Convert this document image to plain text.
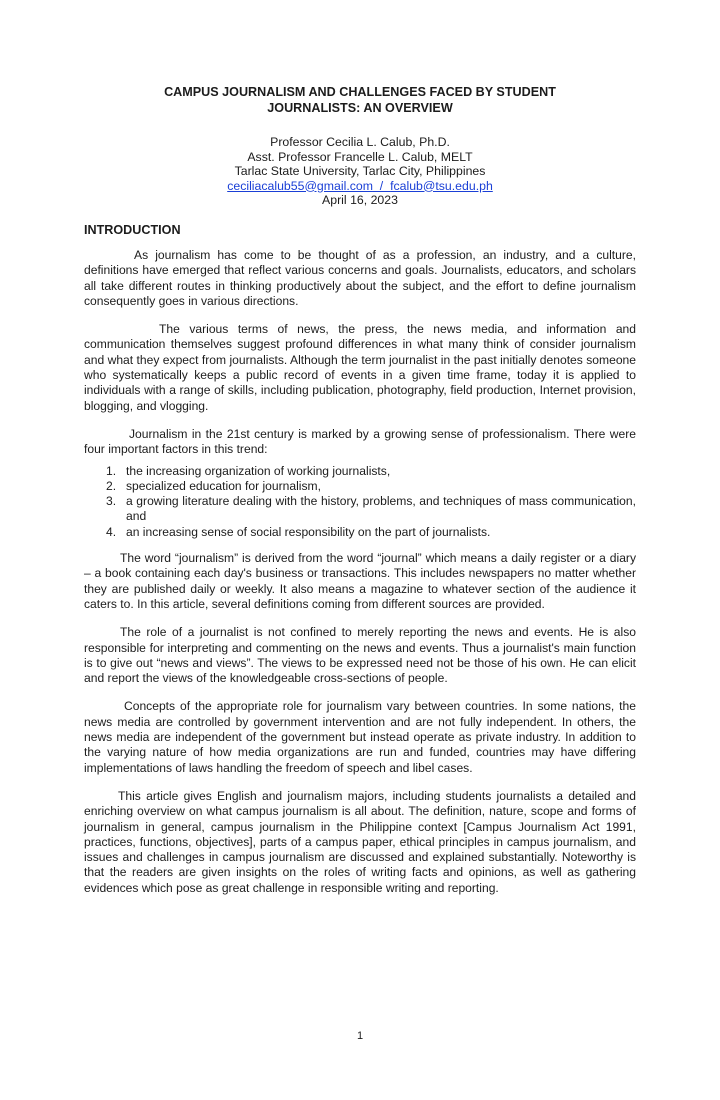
CAMPUS JOURNALISM AND CHALLENGES FACED BY STUDENT
JOURNALISTS: AN OVERVIEW
Professor Cecilia L. Calub, Ph.D.
Asst. Professor Francelle L. Calub, MELT
Tarlac State University, Tarlac City, Philippines
ceciliacalub55@gmail.com  /  fcalub@tsu.edu.ph
April 16, 2023
INTRODUCTION

As journalism has come to be thought of as a profession, an industry, and a culture, definitions have emerged that reflect various concerns and goals. Journalists, educators, and scholars all take different routes in thinking productively about the subject, and the effort to define journalism consequently goes in various directions.

The various terms of news, the press, the news media, and information and communication themselves suggest profound differences in what many think of consider journalism and what they expect from journalists. Although the term journalist in the past initially denotes someone who systematically keeps a public record of events in a given time frame, today it is applied to individuals with a range of skills, including publication, photography, field production, Internet provision, blogging, and vlogging.

Journalism in the 21st century is marked by a growing sense of professionalism. There were four important factors in this trend:

1. the increasing organization of working journalists,
2. specialized education for journalism,
3. a growing literature dealing with the history, problems, and techniques of mass communication, and
4. an increasing sense of social responsibility on the part of journalists.

The word “journalism” is derived from the word “journal” which means a daily register or a diary – a book containing each day's business or transactions. This includes newspapers no matter whether they are published daily or weekly. It also means a magazine to whatever section of the audience it caters to. In this article, several definitions coming from different sources are provided.

The role of a journalist is not confined to merely reporting the news and events. He is also responsible for interpreting and commenting on the news and events. Thus a journalist's main function is to give out “news and views”. The views to be expressed need not be those of his own. He can elicit and report the views of the knowledgeable cross-sections of people.

Concepts of the appropriate role for journalism vary between countries. In some nations, the news media are controlled by government intervention and are not fully independent. In others, the news media are independent of the government but instead operate as private industry. In addition to the varying nature of how media organizations are run and funded, countries may have differing implementations of laws handling the freedom of speech and libel cases.

This article gives English and journalism majors, including students journalists a detailed and enriching overview on what campus journalism is all about. The definition, nature, scope and forms of journalism in general, campus journalism in the Philippine context [Campus Journalism Act 1991, practices, functions, objectives], parts of a campus paper, ethical principles in campus journalism, and issues and challenges in campus journalism are discussed and explained substantially. Noteworthy is that the readers are given insights on the roles of writing facts and opinions, as well as gathering evidences which pose as great challenge in responsible writing and reporting.

1
